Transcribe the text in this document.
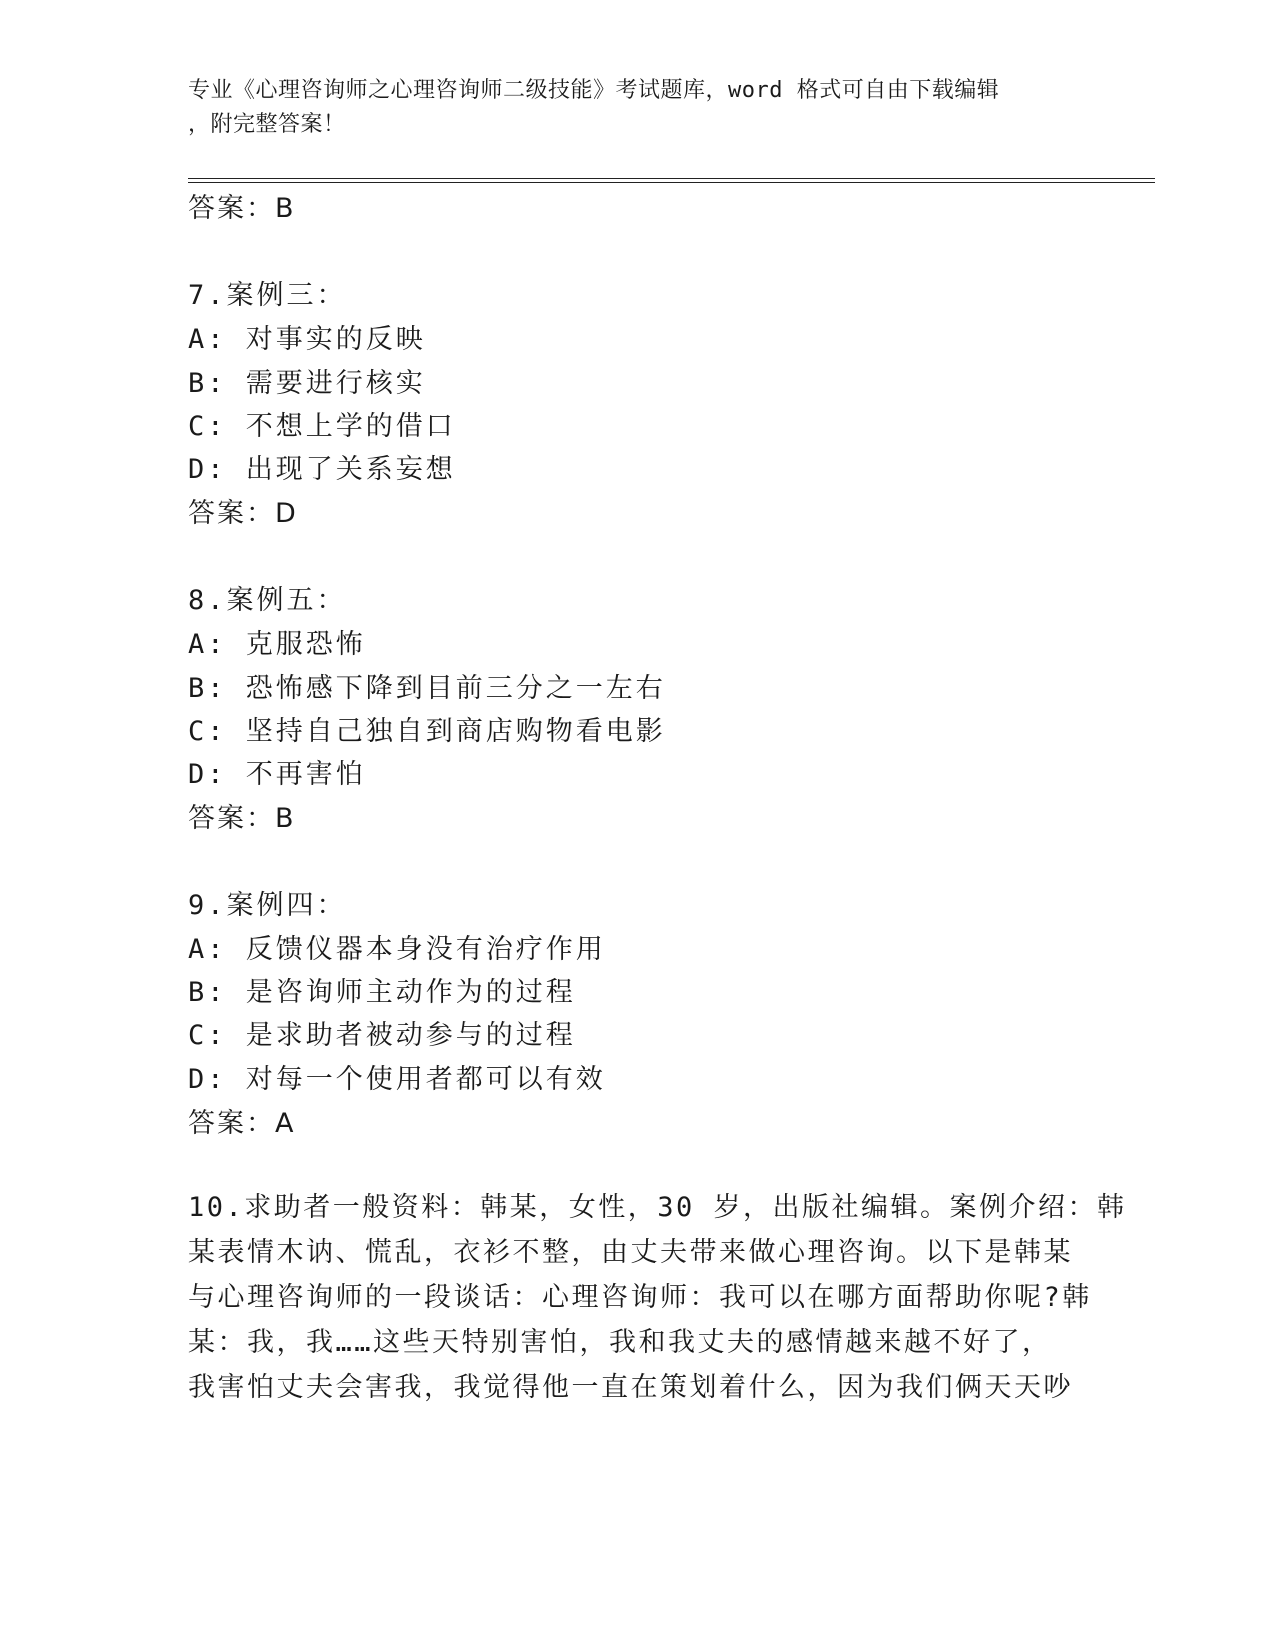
专业《心理咨询师之心理咨询师二级技能》考试题库，word 格式可自由下载编辑
，附完整答案！
答案：B
7.案例三：
A: 对事实的反映
B: 需要进行核实
C: 不想上学的借口
D: 出现了关系妄想
答案：D
8.案例五：
A: 克服恐怖
B: 恐怖感下降到目前三分之一左右
C: 坚持自己独自到商店购物看电影
D: 不再害怕
答案：B
9.案例四：
A: 反馈仪器本身没有治疗作用
B: 是咨询师主动作为的过程
C: 是求助者被动参与的过程
D: 对每一个使用者都可以有效
答案：A
10.求助者一般资料：韩某，女性，30 岁，出版社编辑。案例介绍：韩
某表情木讷、慌乱，衣衫不整，由丈夫带来做心理咨询。以下是韩某
与心理咨询师的一段谈话：心理咨询师：我可以在哪方面帮助你呢?韩
某：我，我……这些天特别害怕，我和我丈夫的感情越来越不好了，
我害怕丈夫会害我，我觉得他一直在策划着什么，因为我们俩天天吵
